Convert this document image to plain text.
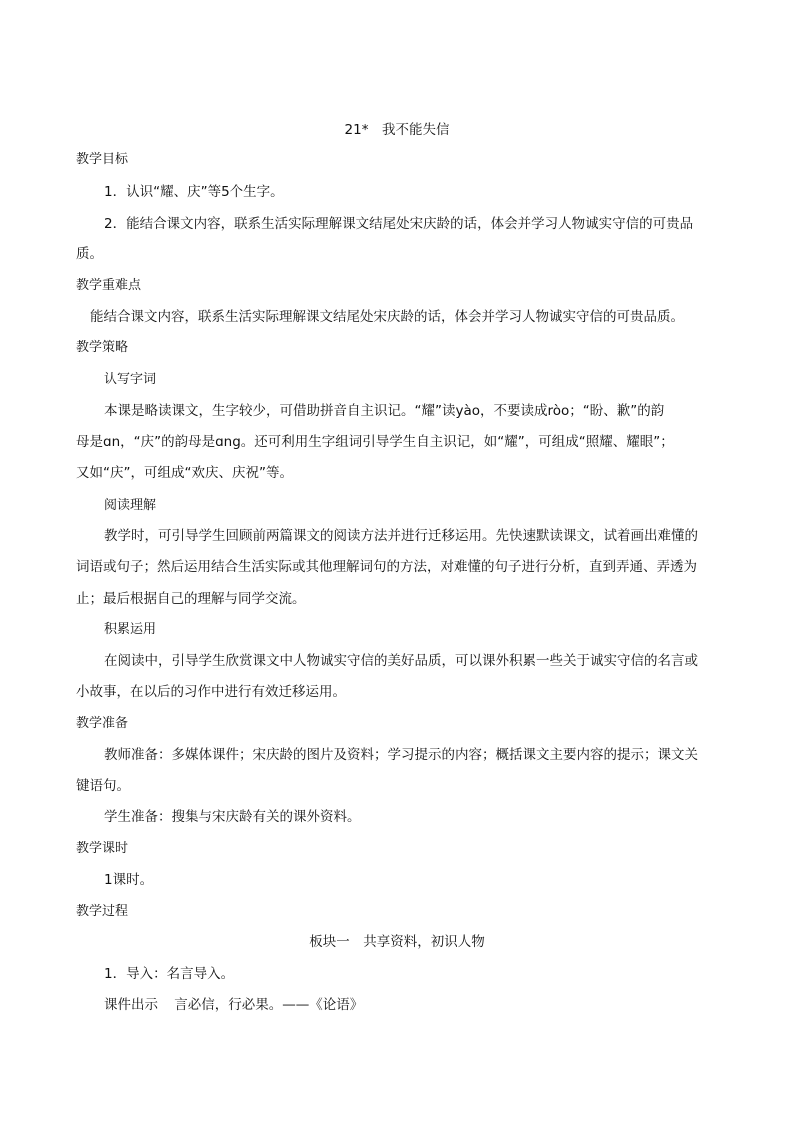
21*　我不能失信
教学目标
1．认识“耀、庆”等5个生字。
2．能结合课文内容，联系生活实际理解课文结尾处宋庆龄的话，体会并学习人物诚实守信的可贵品
质。
教学重难点
能结合课文内容，联系生活实际理解课文结尾处宋庆龄的话，体会并学习人物诚实守信的可贵品质。
教学策略
认写字词
本课是略读课文，生字较少，可借助拼音自主识记。“耀”读yào，不要读成ròo；“盼、歉”的韵
母是ɑn，“庆”的韵母是ɑng。还可利用生字组词引导学生自主识记，如“耀”，可组成“照耀、耀眼”；
又如“庆”，可组成“欢庆、庆祝”等。
阅读理解
教学时，可引导学生回顾前两篇课文的阅读方法并进行迁移运用。先快速默读课文，试着画出难懂的
词语或句子；然后运用结合生活实际或其他理解词句的方法，对难懂的句子进行分析，直到弄通、弄透为
止；最后根据自己的理解与同学交流。
积累运用
在阅读中，引导学生欣赏课文中人物诚实守信的美好品质，可以课外积累一些关于诚实守信的名言或
小故事，在以后的习作中进行有效迁移运用。
教学准备
教师准备：多媒体课件；宋庆龄的图片及资料；学习提示的内容；概括课文主要内容的提示；课文关
键语句。
学生准备：搜集与宋庆龄有关的课外资料。
教学课时
1课时。
教学过程
板块一　共享资料，初识人物
1．导入：名言导入。
课件出示 言必信，行必果。——《论语》
